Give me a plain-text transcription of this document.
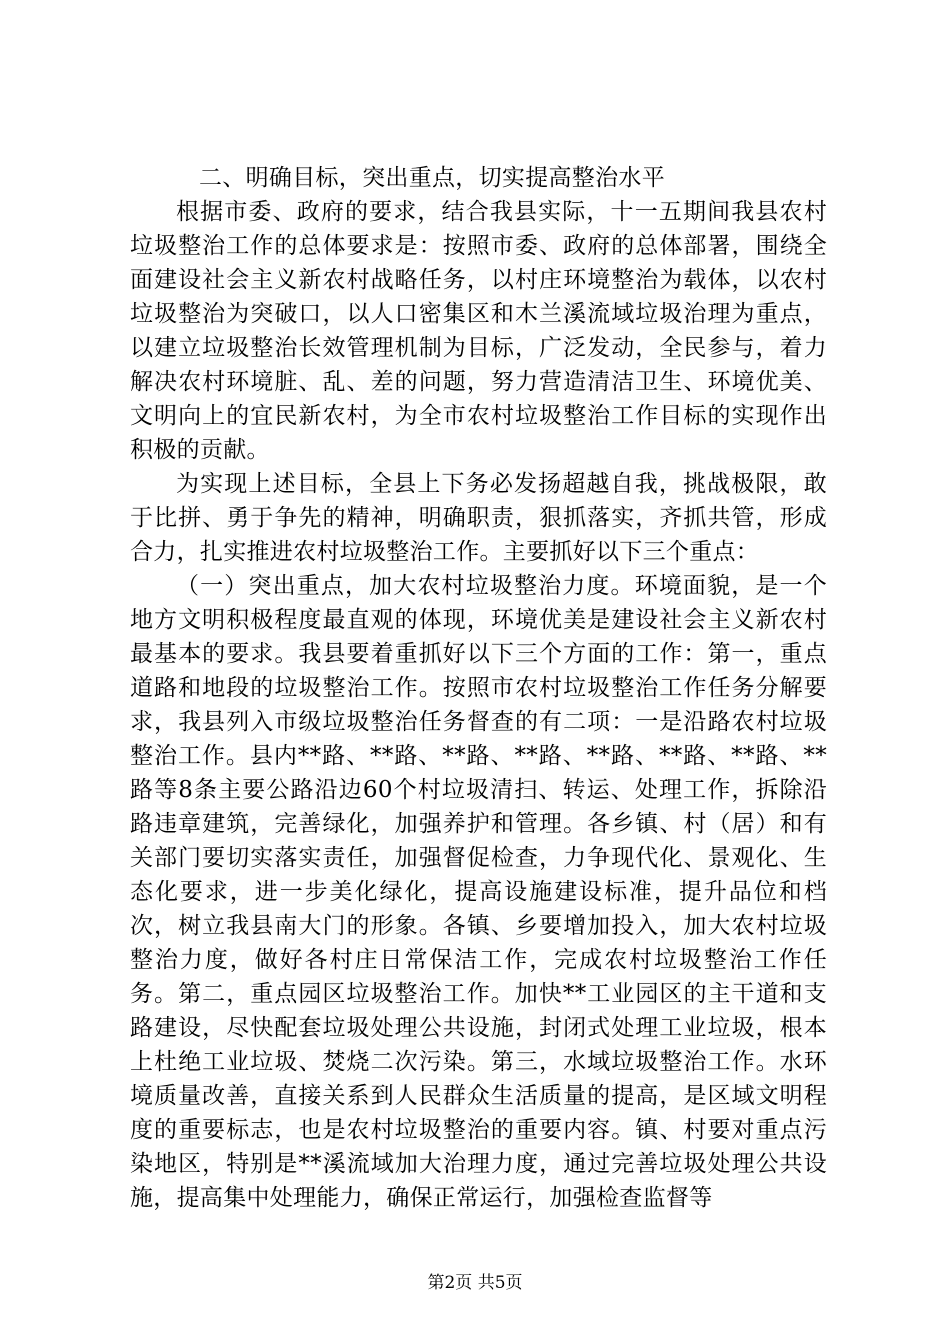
二、明确目标，突出重点，切实提高整治水平

根据市委、政府的要求，结合我县实际，十一五期间我县农村垃圾整治工作的总体要求是：按照市委、政府的总体部署，围绕全面建设社会主义新农村战略任务，以村庄环境整治为载体，以农村垃圾整治为突破口，以人口密集区和木兰溪流域垃圾治理为重点，以建立垃圾整治长效管理机制为目标，广泛发动，全民参与，着力解决农村环境脏、乱、差的问题，努力营造清洁卫生、环境优美、文明向上的宜民新农村，为全市农村垃圾整治工作目标的实现作出积极的贡献。

为实现上述目标，全县上下务必发扬超越自我，挑战极限，敢于比拼、勇于争先的精神，明确职责，狠抓落实，齐抓共管，形成合力，扎实推进农村垃圾整治工作。主要抓好以下三个重点：

（一）突出重点，加大农村垃圾整治力度。环境面貌，是一个地方文明积极程度最直观的体现，环境优美是建设社会主义新农村最基本的要求。我县要着重抓好以下三个方面的工作：第一，重点道路和地段的垃圾整治工作。按照市农村垃圾整治工作任务分解要求，我县列入市级垃圾整治任务督查的有二项：一是沿路农村垃圾整治工作。县内**路、**路、**路、**路、**路、**路、**路、**路等8条主要公路沿边60个村垃圾清扫、转运、处理工作，拆除沿路违章建筑，完善绿化，加强养护和管理。各乡镇、村（居）和有关部门要切实落实责任，加强督促检查，力争现代化、景观化、生态化要求，进一步美化绿化，提高设施建设标准，提升品位和档次，树立我县南大门的形象。各镇、乡要增加投入，加大农村垃圾整治力度，做好各村庄日常保洁工作，完成农村垃圾整治工作任务。第二，重点园区垃圾整治工作。加快**工业园区的主干道和支路建设，尽快配套垃圾处理公共设施，封闭式处理工业垃圾，根本上杜绝工业垃圾、焚烧二次污染。第三，水域垃圾整治工作。水环境质量改善，直接关系到人民群众生活质量的提高，是区域文明程度的重要标志，也是农村垃圾整治的重要内容。镇、村要对重点污染地区，特别是**溪流域加大治理力度，通过完善垃圾处理公共设施，提高集中处理能力，确保正常运行，加强检查监督等

第2页 共5页
